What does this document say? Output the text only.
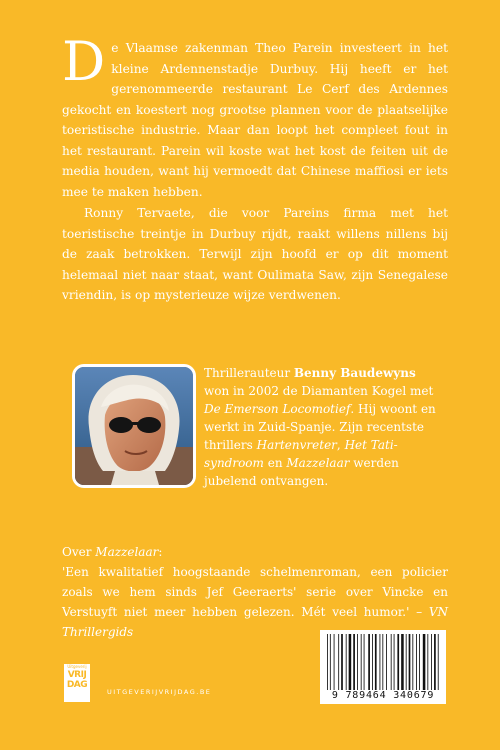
De Vlaamse zakenman Theo Parein investeert in het kleine Ardennenstadje Durbuy. Hij heeft er het gerenommeerde restaurant Le Cerf des Ardennes gekocht en koestert nog grootse plannen voor de plaatselijke toeristische industrie. Maar dan loopt het compleet fout in het restaurant. Parein wil koste wat het kost de feiten uit de media houden, want hij vermoedt dat Chinese maffiosi er iets mee te maken hebben.

Ronny Tervaete, die voor Pareins firma met het toeristische treintje in Durbuy rijdt, raakt willens nillens bij de zaak betrokken. Terwijl zijn hoofd er op dit moment helemaal niet naar staat, want Oulimata Saw, zijn Senegalese vriendin, is op mysterieuze wijze verdwenen.

Thrillerauteur Benny Baudewyns won in 2002 de Diamanten Kogel met De Emerson Locomotief. Hij woont en werkt in Zuid-Spanje. Zijn recentste thrillers Hartenvreter, Het Tati-syndroom en Mazzelaar werden jubelend ontvangen.
Over Mazzelaar:
'Een kwalitatief hoogstaande schelmenroman, een policier zoals we hem sinds Jef Geeraerts' serie over Vincke en Verstuyft niet meer hebben gelezen. Mét veel humor.' – VN Thrillergids
Uitgeverij
VRIJ
DAG
UITGEVERIJVRIJDAG.BE	9 789464 340679
